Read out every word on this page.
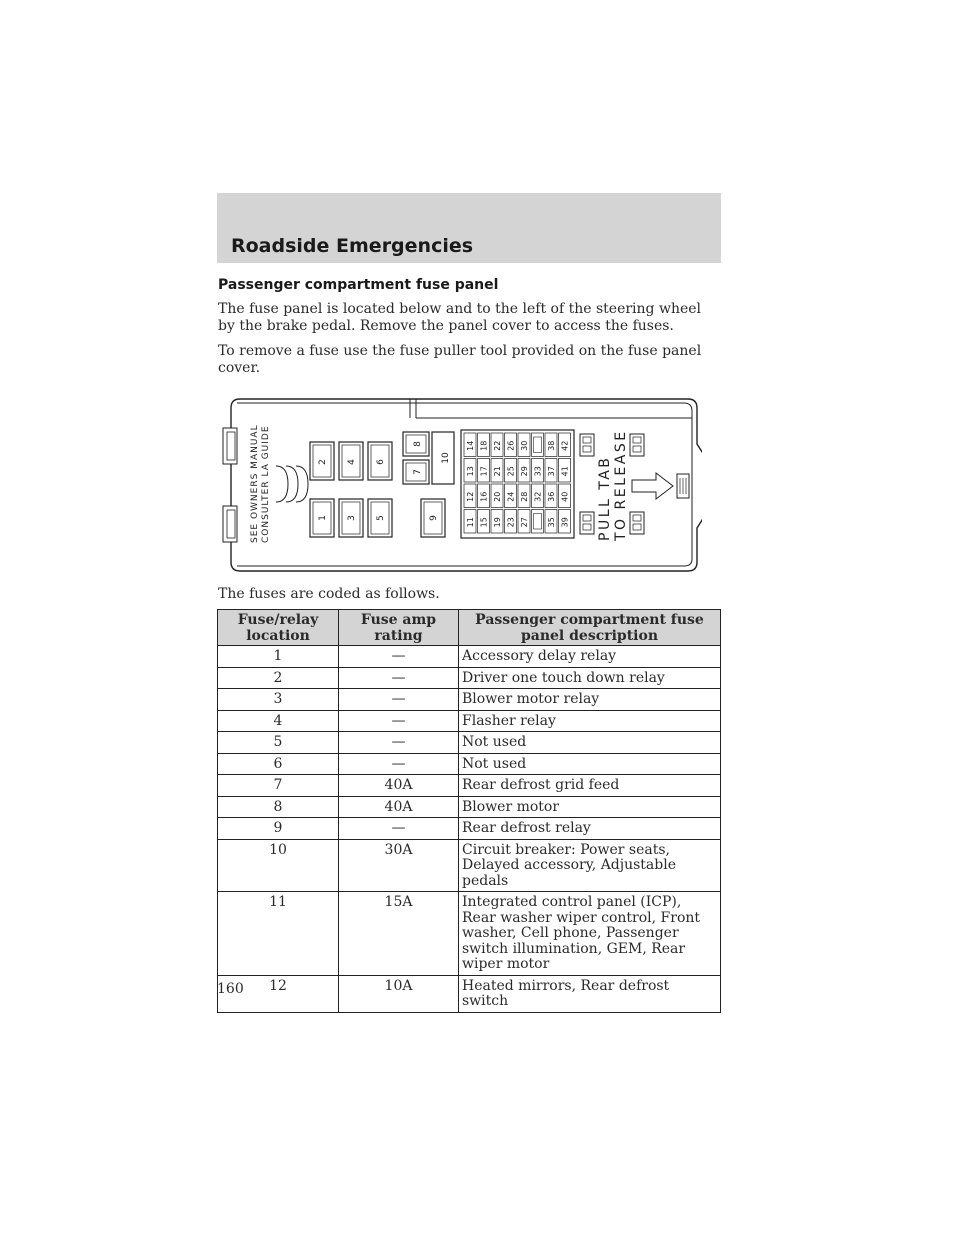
Roadside Emergencies
Passenger compartment fuse panel
The fuse panel is located below and to the left of the steering wheel by the brake pedal. Remove the panel cover to access the fuses.
To remove a fuse use the fuse puller tool provided on the fuse panel cover.
SEE OWNERS MANUAL CONSULTER LA GUIDE	2 4 6
1 3 5
8
7
9
10
14
13
12
11
18
17
16
15
22
21
20
19
26
25
24
23
30
29
28
27
33
32
38
37
36
35
42
41
40
39 PULL TAB TO RELEASE
The fuses are coded as follows.
Fuse/relay location	Fuse amp rating	Passenger compartment fuse panel description
1	—	Accessory delay relay
2	—	Driver one touch down relay
3	—	Blower motor relay
4	—	Flasher relay
5	—	Not used
6	—	Not used
7	40A	Rear defrost grid feed
8	40A	Blower motor
9	—	Rear defrost relay
10	30A	Circuit breaker: Power seats, Delayed accessory, Adjustable pedals
11	15A	Integrated control panel (ICP), Rear washer wiper control, Front washer, Cell phone, Passenger switch illumination, GEM, Rear wiper motor
12	10A	Heated mirrors, Rear defrost switch
160
